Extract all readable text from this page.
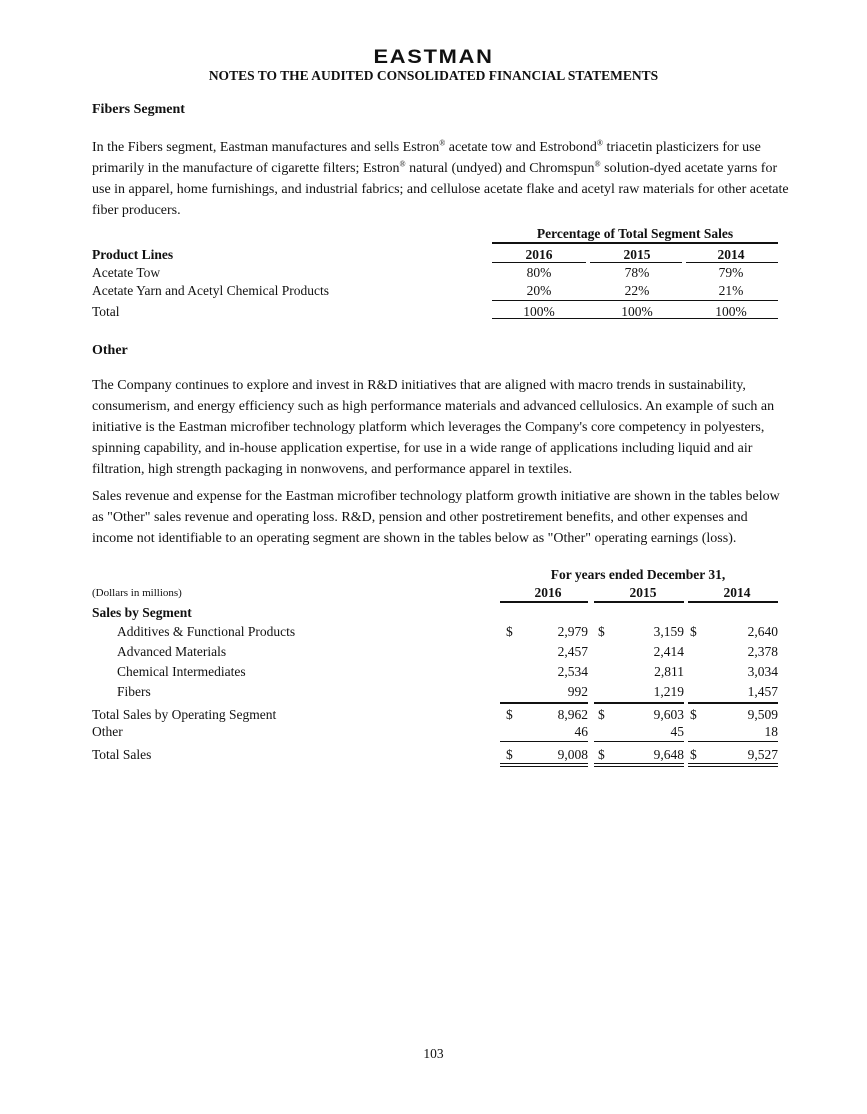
EASTMAN
NOTES TO THE AUDITED CONSOLIDATED FINANCIAL STATEMENTS
Fibers Segment
In the Fibers segment, Eastman manufactures and sells Estron® acetate tow and Estrobond® triacetin plasticizers for use primarily in the manufacture of cigarette filters; Estron® natural (undyed) and Chromspun® solution-dyed acetate yarns for use in apparel, home furnishings, and industrial fabrics; and cellulose acetate flake and acetyl raw materials for other acetate fiber producers.
Percentage of Total Segment Sales
Product Lines	2016	2015	2014
Acetate Tow	80%	78%	79%
Acetate Yarn and Acetyl Chemical Products	20%	22%	21%
Total	100%	100%	100%
Other
The Company continues to explore and invest in R&D initiatives that are aligned with macro trends in sustainability, consumerism, and energy efficiency such as high performance materials and advanced cellulosics. An example of such an initiative is the Eastman microfiber technology platform which leverages the Company's core competency in polyesters, spinning capability, and in-house application expertise, for use in a wide range of applications including liquid and air filtration, high strength packaging in nonwovens, and performance apparel in textiles.
Sales revenue and expense for the Eastman microfiber technology platform growth initiative are shown in the tables below as "Other" sales revenue and operating loss. R&D, pension and other postretirement benefits, and other expenses and income not identifiable to an operating segment are shown in the tables below as "Other" operating earnings (loss).
For years ended December 31,
(Dollars in millions)	2016	2015	2014
Sales by Segment
Additives & Functional Products	$	2,979 $	3,159 $	2,640
Advanced Materials	2,457	2,414	2,378
Chemical Intermediates	2,534	2,811	3,034
Fibers	992	1,219	1,457
Total Sales by Operating Segment	$	8,962 $	9,603 $	9,509
Other	46	45	18
Total Sales	$	9,008 $	9,648 $	9,527
103
